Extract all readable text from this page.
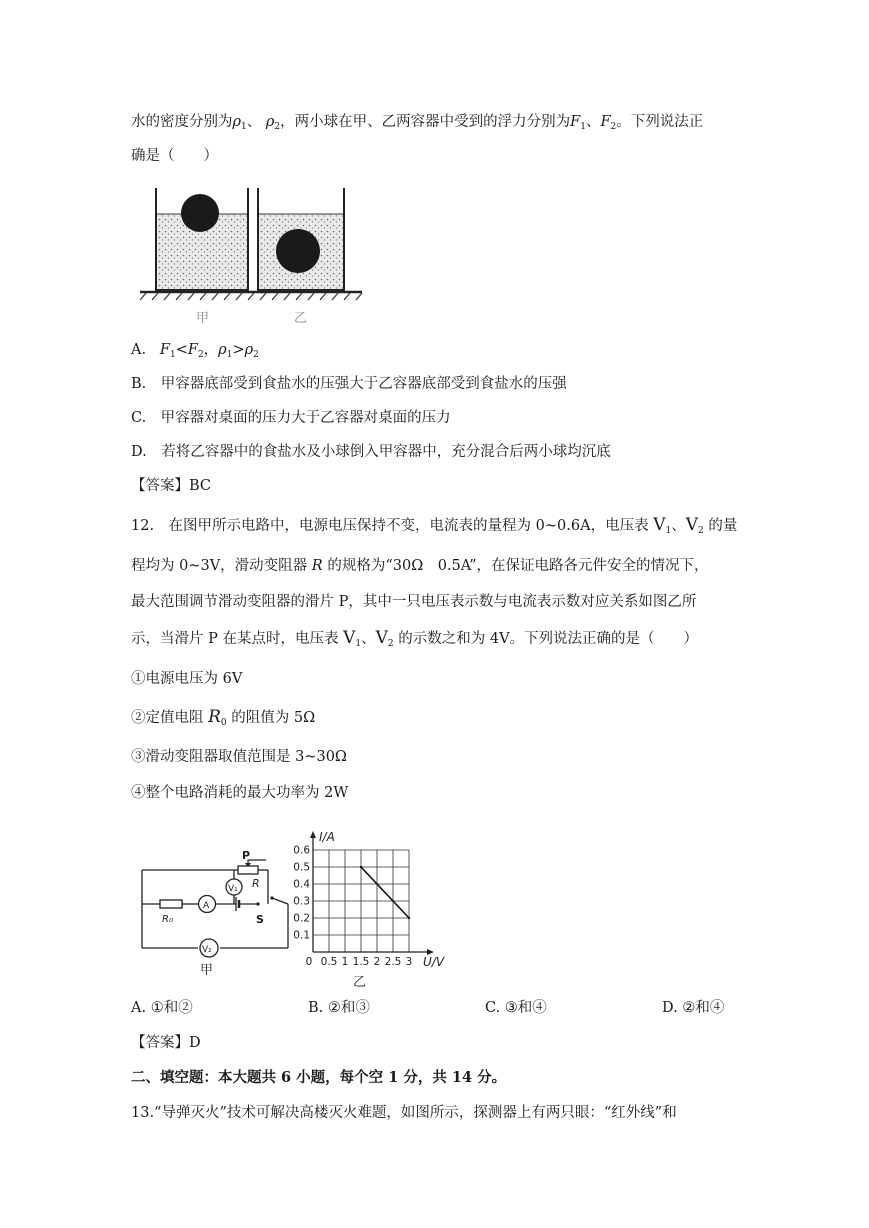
水的密度分别为$\rho_1$、 $\rho_2$，两小球在甲、乙两容器中受到的浮力分别为$F_1$、$F_2$。下列说法正
确是（　　）
甲	乙
A. $F_1<F_2$，$\rho_1>\rho_2$
B.　甲容器底部受到食盐水的压强大于乙容器底部受到食盐水的压强
C.　甲容器对桌面的压力大于乙容器对桌面的压力
D.　若将乙容器中的食盐水及小球倒入甲容器中，充分混合后两小球均沉底
【答案】BC
12.　在图甲所示电路中，电源电压保持不变，电流表的量程为 0~0.6A，电压表 $V_1$、$V_2$ 的量
程均为 0~3V，滑动变阻器 R 的规格为“30Ω　0.5A”，在保证电路各元件安全的情况下，
最大范围调节滑动变阻器的滑片 P，其中一只电压表示数与电流表示数对应关系如图乙所
示，当滑片 P 在某点时，电压表 $V_1$、$V_2$ 的示数之和为 4V。下列说法正确的是（　　）
①电源电压为 6V
②定值电阻 $R_0$ 的阻值为 5Ω
③滑动变阻器取值范围是 3~30Ω
④整个电路消耗的最大功率为 2W
P
R
V₁
A
R₀	S
V₂
甲
0.1
0.2
0.3
0.4
0.5
0.6
0 0.5 1 1.5 2 2.5 3
I/A
U/V
乙
A. ①和②	B. ②和③	C. ③和④	D. ②和④
【答案】D
二、填空题：本大题共 6 小题，每个空 1 分，共 14 分。
13.“导弹灭火”技术可解决高楼灭火难题，如图所示，探测器上有两只眼：“红外线”和
